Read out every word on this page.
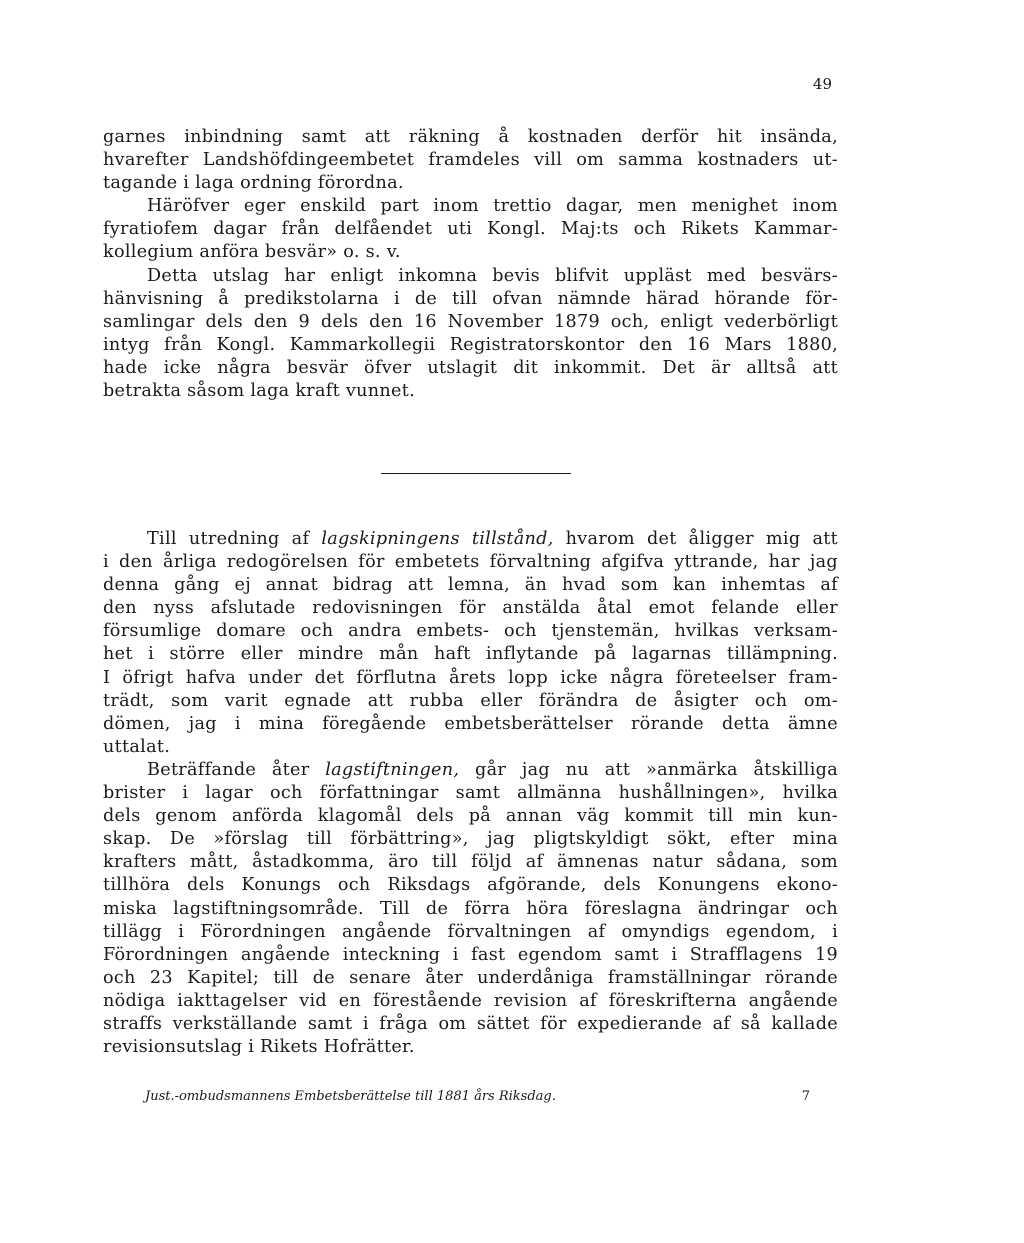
49
garnes inbindning samt att räkning å kostnaden derför hit insända,
hvarefter Landshöfdingeembetet framdeles vill om samma kostnaders ut-
tagande i laga ordning förordna.
Häröfver eger enskild part inom trettio dagar, men menighet inom
fyratiofem dagar från delfåendet uti Kongl. Maj:ts och Rikets Kammar-
kollegium anföra besvär» o. s. v.
Detta utslag har enligt inkomna bevis blifvit uppläst med besvärs-
hänvisning å predikstolarna i de till ofvan nämnde härad hörande för-
samlingar dels den 9 dels den 16 November 1879 och, enligt vederbörligt
intyg från Kongl. Kammarkollegii Registratorskontor den 16 Mars 1880,
hade icke några besvär öfver utslagit dit inkommit. Det är alltså att
betrakta såsom laga kraft vunnet.
Till utredning af lagskipningens tillstånd, hvarom det åligger mig att
i den årliga redogörelsen för embetets förvaltning afgifva yttrande, har jag
denna gång ej annat bidrag att lemna, än hvad som kan inhemtas af
den nyss afslutade redovisningen för anstälda åtal emot felande eller
försumlige domare och andra embets- och tjenstemän, hvilkas verksam-
het i större eller mindre mån haft inflytande på lagarnas tillämpning.
I öfrigt hafva under det förflutna årets lopp icke några företeelser fram-
trädt, som varit egnade att rubba eller förändra de åsigter och om-
dömen, jag i mina föregående embetsberättelser rörande detta ämne
uttalat.
Beträffande åter lagstiftningen, går jag nu att »anmärka åtskilliga
brister i lagar och författningar samt allmänna hushållningen», hvilka
dels genom anförda klagomål dels på annan väg kommit till min kun-
skap. De »förslag till förbättring», jag pligtskyldigt sökt, efter mina
krafters mått, åstadkomma, äro till följd af ämnenas natur sådana, som
tillhöra dels Konungs och Riksdags afgörande, dels Konungens ekono-
miska lagstiftningsområde. Till de förra höra föreslagna ändringar och
tillägg i Förordningen angående förvaltningen af omyndigs egendom, i
Förordningen angående inteckning i fast egendom samt i Strafflagens 19
och 23 Kapitel; till de senare åter underdåniga framställningar rörande
nödiga iakttagelser vid en förestående revision af föreskrifterna angående
straffs verkställande samt i fråga om sättet för expedierande af så kallade
revisionsutslag i Rikets Hofrätter.
Just.-ombudsmannens Embetsberättelse till 1881 års Riksdag.	7
